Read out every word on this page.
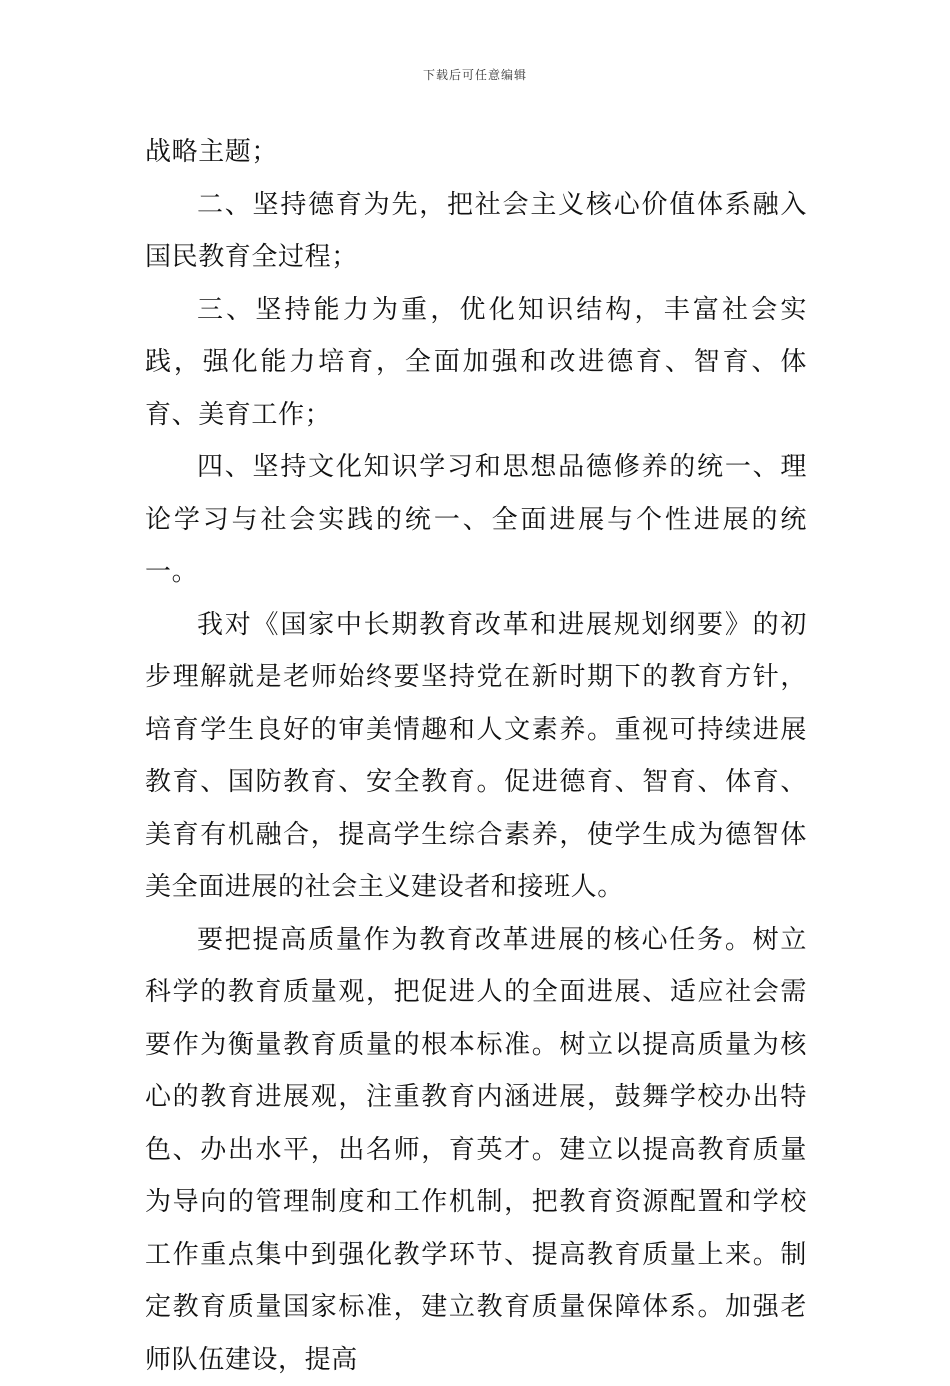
下载后可任意编辑

战略主题；

二、坚持德育为先，把社会主义核心价值体系融入国民教育全过程；

三、坚持能力为重，优化知识结构，丰富社会实践，强化能力培育，全面加强和改进德育、智育、体育、美育工作；

四、坚持文化知识学习和思想品德修养的统一、理论学习与社会实践的统一、全面进展与个性进展的统一。

我对《国家中长期教育改革和进展规划纲要》的初步理解就是老师始终要坚持党在新时期下的教育方针，培育学生良好的审美情趣和人文素养。重视可持续进展教育、国防教育、安全教育。促进德育、智育、体育、美育有机融合，提高学生综合素养，使学生成为德智体美全面进展的社会主义建设者和接班人。

要把提高质量作为教育改革进展的核心任务。树立科学的教育质量观，把促进人的全面进展、适应社会需要作为衡量教育质量的根本标准。树立以提高质量为核心的教育进展观，注重教育内涵进展，鼓舞学校办出特色、办出水平，出名师，育英才。建立以提高教育质量为导向的管理制度和工作机制，把教育资源配置和学校工作重点集中到强化教学环节、提高教育质量上来。制定教育质量国家标准，建立教育质量保障体系。加强老师队伍建设，提高
